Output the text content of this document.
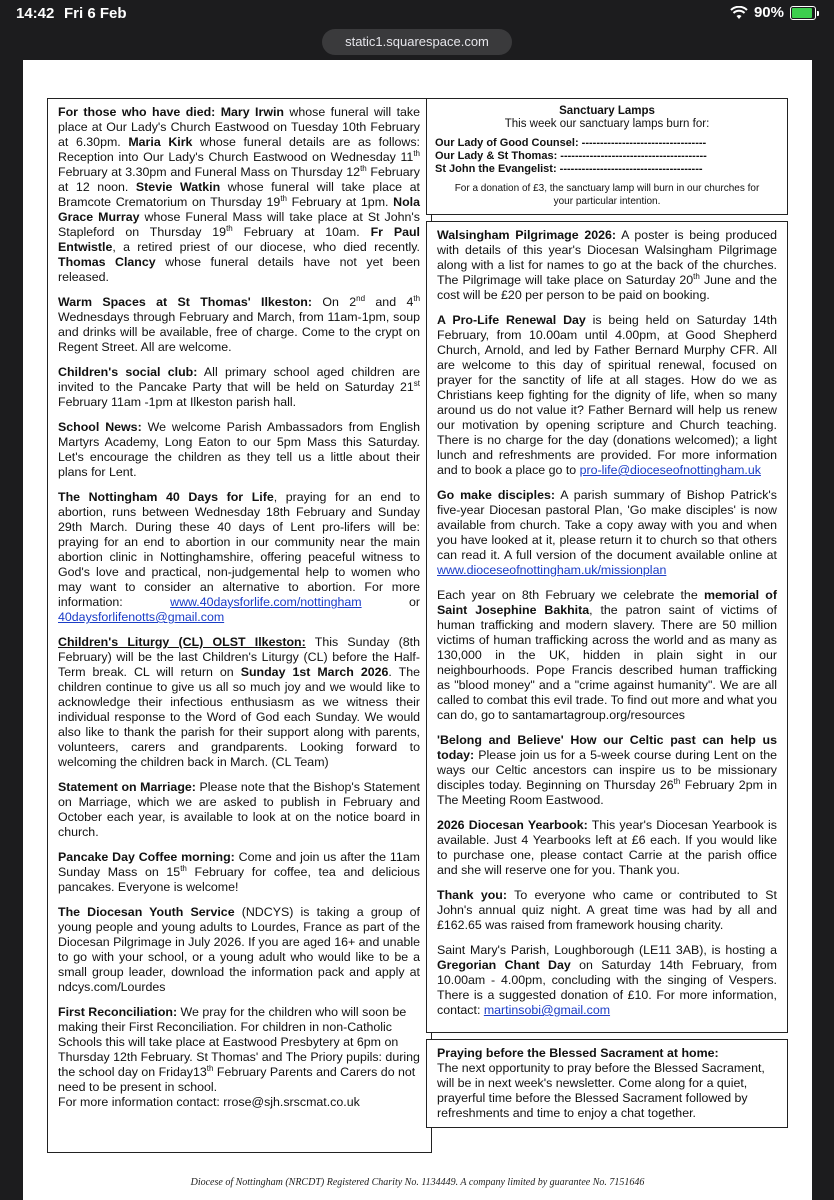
14:42 Fri 6 Feb	90%
static1.squarespace.com

For those who have died: Mary Irwin whose funeral will take place at Our Lady's Church Eastwood on Tuesday 10th February at 6.30pm. Maria Kirk whose funeral details are as follows: Reception into Our Lady's Church Eastwood on Wednesday 11th February at 3.30pm and Funeral Mass on Thursday 12th February at 12 noon. Stevie Watkin whose funeral will take place at Bramcote Crematorium on Thursday 19th February at 1pm. Nola Grace Murray whose Funeral Mass will take place at St John's Stapleford on Thursday 19th February at 10am. Fr Paul Entwistle, a retired priest of our diocese, who died recently. Thomas Clancy whose funeral details have not yet been released.

Warm Spaces at St Thomas' Ilkeston: On 2nd and 4th Wednesdays through February and March, from 11am-1pm, soup and drinks will be available, free of charge. Come to the crypt on Regent Street. All are welcome.

Children's social club: All primary school aged children are invited to the Pancake Party that will be held on Saturday 21st February 11am -1pm at Ilkeston parish hall.

School News: We welcome Parish Ambassadors from English Martyrs Academy, Long Eaton to our 5pm Mass this Saturday. Let's encourage the children as they tell us a little about their plans for Lent.

The Nottingham 40 Days for Life, praying for an end to abortion, runs between Wednesday 18th February and Sunday 29th March. During these 40 days of Lent pro-lifers will be: praying for an end to abortion in our community near the main abortion clinic in Nottinghamshire, offering peaceful witness to God's love and practical, non-judgemental help to women who may want to consider an alternative to abortion. For more information: www.40daysforlife.com/nottingham or 40daysforlifenotts@gmail.com

Children's Liturgy (CL) OLST Ilkeston: This Sunday (8th February) will be the last Children's Liturgy (CL) before the Half-Term break. CL will return on Sunday 1st March 2026. The children continue to give us all so much joy and we would like to acknowledge their infectious enthusiasm as we witness their individual response to the Word of God each Sunday. We would also like to thank the parish for their support along with parents, volunteers, carers and grandparents. Looking forward to welcoming the children back in March. (CL Team)

Statement on Marriage: Please note that the Bishop's Statement on Marriage, which we are asked to publish in February and October each year, is available to look at on the notice board in church.

Pancake Day Coffee morning: Come and join us after the 11am Sunday Mass on 15th February for coffee, tea and delicious pancakes. Everyone is welcome!

The Diocesan Youth Service (NDCYS) is taking a group of young people and young adults to Lourdes, France as part of the Diocesan Pilgrimage in July 2026. If you are aged 16+ and unable to go with your school, or a young adult who would like to be a small group leader, download the information pack and apply at ndcys.com/Lourdes

First Reconciliation: We pray for the children who will soon be making their First Reconciliation. For children in non-Catholic Schools this will take place at Eastwood Presbytery at 6pm on Thursday 12th February. St Thomas' and The Priory pupils: during the school day on Friday13th February Parents and Carers do not need to be present in school.
For more information contact: rrose@sjh.srscmat.co.uk

Sanctuary Lamps
This week our sanctuary lamps burn for:
Our Lady of Good Counsel: ----------------------------------
Our Lady & St Thomas: ----------------------------------------
St John the Evangelist: ---------------------------------------
For a donation of £3, the sanctuary lamp will burn in our churches for your particular intention.

Walsingham Pilgrimage 2026: A poster is being produced with details of this year's Diocesan Walsingham Pilgrimage along with a list for names to go at the back of the churches. The Pilgrimage will take place on Saturday 20th June and the cost will be £20 per person to be paid on booking.

A Pro-Life Renewal Day is being held on Saturday 14th February, from 10.00am until 4.00pm, at Good Shepherd Church, Arnold, and led by Father Bernard Murphy CFR. All are welcome to this day of spiritual renewal, focused on prayer for the sanctity of life at all stages. How do we as Christians keep fighting for the dignity of life, when so many around us do not value it? Father Bernard will help us renew our motivation by opening scripture and Church teaching. There is no charge for the day (donations welcomed); a light lunch and refreshments are provided. For more information and to book a place go to pro-life@dioceseofnottingham.uk

Go make disciples: A parish summary of Bishop Patrick's five-year Diocesan pastoral Plan, 'Go make disciples' is now available from church. Take a copy away with you and when you have looked at it, please return it to church so that others can read it. A full version of the document available online at www.dioceseofnottingham.uk/missionplan

Each year on 8th February we celebrate the memorial of Saint Josephine Bakhita, the patron saint of victims of human trafficking and modern slavery. There are 50 million victims of human trafficking across the world and as many as 130,000 in the UK, hidden in plain sight in our neighbourhoods. Pope Francis described human trafficking as "blood money" and a "crime against humanity". We are all called to combat this evil trade. To find out more and what you can do, go to santamartagroup.org/resources

'Belong and Believe' How our Celtic past can help us today: Please join us for a 5-week course during Lent on the ways our Celtic ancestors can inspire us to be missionary disciples today. Beginning on Thursday 26th February 2pm in The Meeting Room Eastwood.

2026 Diocesan Yearbook: This year's Diocesan Yearbook is available. Just 4 Yearbooks left at £6 each. If you would like to purchase one, please contact Carrie at the parish office and she will reserve one for you. Thank you.

Thank you: To everyone who came or contributed to St John's annual quiz night. A great time was had by all and £162.65 was raised from framework housing charity.

Saint Mary's Parish, Loughborough (LE11 3AB), is hosting a Gregorian Chant Day on Saturday 14th February, from 10.00am - 4.00pm, concluding with the singing of Vespers. There is a suggested donation of £10. For more information, contact: martinsobi@gmail.com

Praying before the Blessed Sacrament at home:
The next opportunity to pray before the Blessed Sacrament, will be in next week's newsletter. Come along for a quiet, prayerful time before the Blessed Sacrament followed by refreshments and time to enjoy a chat together.
Diocese of Nottingham (NRCDT) Registered Charity No. 1134449. A company limited by guarantee No. 7151646
